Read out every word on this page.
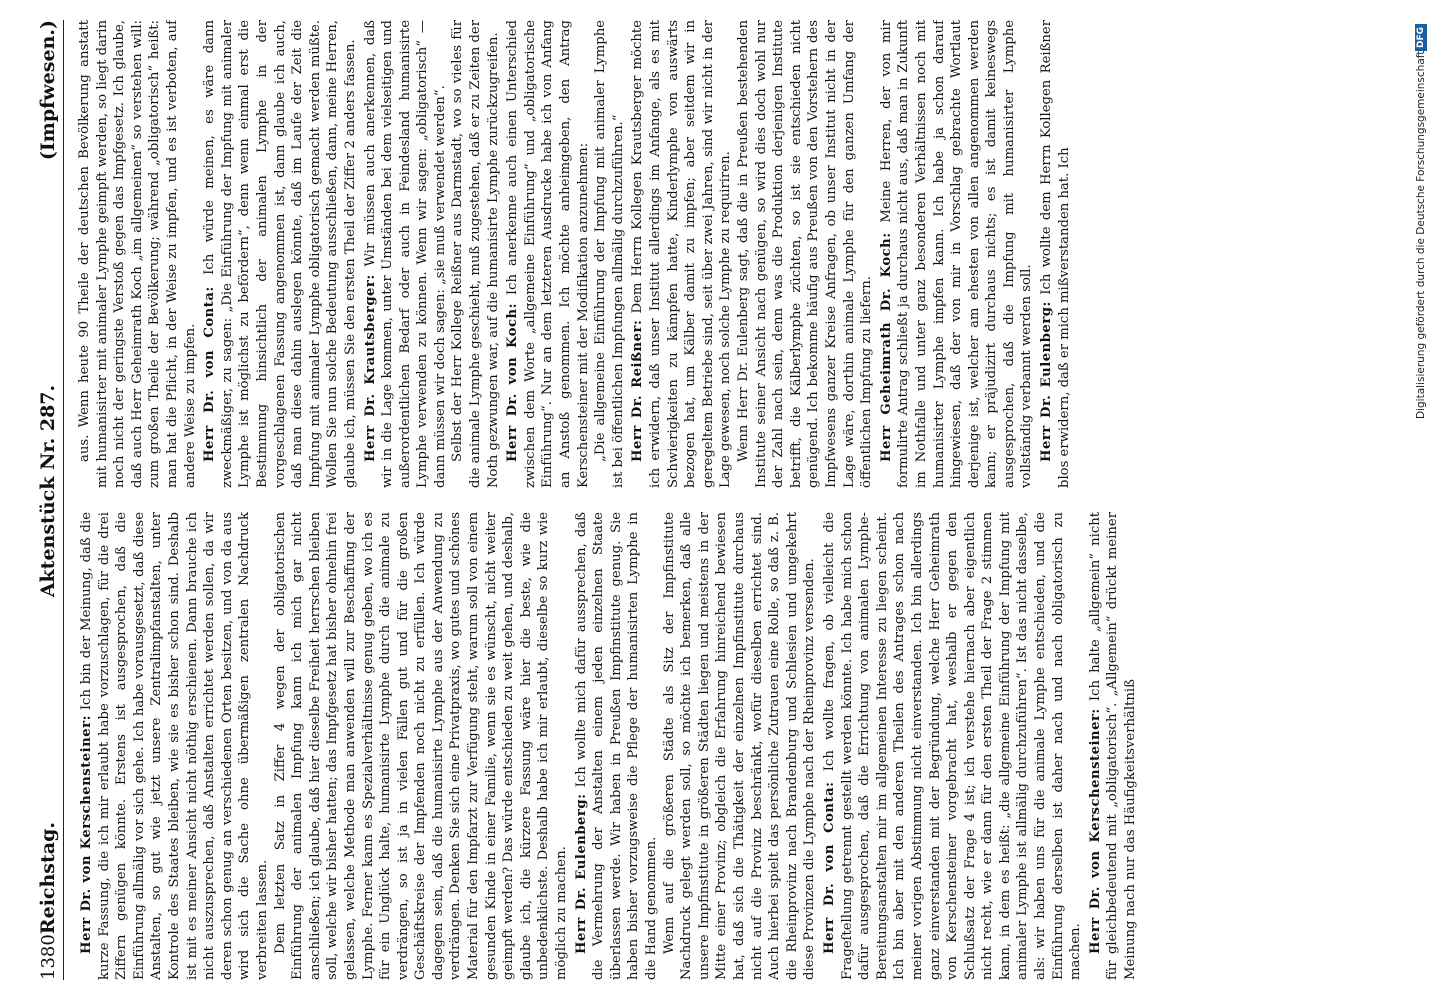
1380
Reichstag.
Aktenstück Nr. 287.
(Impfwesen.)

Herr Dr. von Kerschensteiner: Ich bin der Meinung, daß die kurze Fassung, die ich mir erlaubt habe vorzuschlagen, für die drei Ziffern genügen könnte. Erstens ist ausgesprochen, daß die Einführung allmälig vor sich gehe. Ich habe vorausgesetzt, daß diese Anstalten, so gut wie jetzt unsere Zentralimpfanstalten, unter Kontrole des Staates bleiben, wie sie es bisher schon sind. Deshalb ist mit es meiner Ansicht nicht nöthig erschienen. Dann brauche ich nicht auszusprechen, daß Anstalten errichtet werden sollen, da wir deren schon genug an verschiedenen Orten besitzen, und von da aus wird sich die Sache ohne übermäßigen zentralen Nachdruck verbreiten lassen. Dem letzten Satz in Ziffer 4 wegen der obligatorischen Einführung der animalen Impfung kann ich mich gar nicht anschließen; ich glaube, daß hier dieselbe Freiheit herrschen bleiben soll, welche wir bisher hatten; das Impfgesetz hat bisher ohnehin frei gelassen, welche Methode man anwenden will zur Beschaffung der Lymphe. Ferner kann es Spezialverhältnisse genug geben, wo ich es für ein Unglück halte, humanisirte Lymphe durch die animale zu verdrängen, so ist ja in vielen Fällen gut und für die großen Geschäftskreise der Impfenden noch nicht zu erfüllen. Ich würde dagegen sein, daß die humanisirte Lymphe aus der Anwendung zu verdrängen. Denken Sie sich eine Privatpraxis, wo gutes und schönes Material für den Impfarzt zur Verfügung steht, warum soll von einem gesunden Kinde in einer Familie, wenn sie es wünscht, nicht weiter geimpft werden? Das würde entschieden zu weit gehen, und deshalb, glaube ich, die kürzere Fassung wäre hier die beste, wie die unbedenklichste. Deshalb habe ich mir erlaubt, dieselbe so kurz wie möglich zu machen. Herr Dr. Eulenberg: Ich wollte mich dafür aussprechen, daß die Vermehrung der Anstalten einem jeden einzelnen Staate überlassen werde. Wir haben in Preußen Impfinstitute genug. Sie haben bisher vorzugsweise die Pflege der humanisirten Lymphe in die Hand genommen. Wenn auf die größeren Städte als Sitz der Impfinstitute Nachdruck gelegt werden soll, so möchte ich bemerken, daß alle unsere Impfinstitute in größeren Städten liegen und meistens in der Mitte einer Provinz; obgleich die Erfahrung hinreichend bewiesen hat, daß sich die Thätigkeit der einzelnen Impfinstitute durchaus nicht auf die Provinz beschränkt, wofür dieselben errichtet sind. Auch hierbei spielt das persönliche Zutrauen eine Rolle, so daß z. B. die Rheinprovinz nach Brandenburg und Schlesien und umgekehrt diese Provinzen die Lymphe nach der Rheinprovinz versenden. Herr Dr. von Conta: Ich wollte fragen, ob vielleicht die Frageſtellung getrennt gestellt werden könnte. Ich habe mich schon dafür ausgesprochen, daß die Errichtung von animalen Lymphe-Bereitungsanstalten mir im allgemeinen Interesse zu liegen scheint. Ich bin aber mit den anderen Theilen des Antrages schon nach meiner vorigen Abstimmung nicht einverstanden. Ich bin allerdings ganz einverstanden mit der Begründung, welche Herr Geheimrath von Kerschensteiner vorgebracht hat, weshalb er gegen den Schlußsatz der Frage 4 ist; ich verstehe hiernach aber eigentlich nicht recht, wie er dann für den ersten Theil der Frage 2 stimmen kann, in dem es heißt: „die allgemeine Einführung der Impfung mit animaler Lymphe ist allmälig durchzuführen“. Ist das nicht dasselbe, als: wir haben uns für die animale Lymphe entschieden, und die Einführung derselben ist daher nach und nach obligatorisch zu machen. Herr Dr. von Kerschensteiner: Ich halte „allgemein“ nicht für gleichbedeutend mit „obligatorisch“. „Allgemein“ drückt meiner Meinung nach nur das Häufigkeitsverhältniß

aus. Wenn heute 90 Theile der deutschen Bevölkerung anstatt mit humanisirter mit animaler Lymphe geimpft werden, so liegt darin noch nicht der geringste Verstoß gegen das Impfgesetz. Ich glaube, daß auch Herr Geheimrath Koch „im allgemeinen“ so verstehen will: zum großen Theile der Bevölkerung; während „obligatorisch“ heißt: man hat die Pflicht, in der Weise zu impfen, und es ist verboten, auf andere Weise zu impfen. Herr Dr. von Conta: Ich würde meinen, es wäre dann zweckmäßiger, zu sagen: „Die Einführung der Impfung mit animaler Lymphe ist möglichst zu befördern“, denn wenn einmal erst die Bestimmung hinsichtlich der animalen Lymphe in der vorgeschlagenen Fassung angenommen ist, dann glaube ich auch, daß man diese dahin auslegen könnte, daß im Laufe der Zeit die Impfung mit animaler Lymphe obligatorisch gemacht werden müßte. Wollen Sie nun solche Bedeutung ausschließen, dann, meine Herren, glaube ich, müssen Sie den ersten Theil der Ziffer 2 anders fassen. Herr Dr. Krautsberger: Wir müssen auch anerkennen, daß wir in die Lage kommen, unter Umständen bei dem vielseitigen und außerordentlichen Bedarf oder auch in Feindesland humanisirte Lymphe verwenden zu können. Wenn wir sagen: „obligatorisch“ — dann müssen wir doch sagen: „sie muß verwendet werden“. Selbst der Herr Kollege Reißner aus Darmstadt, wo so vieles für die animale Lymphe geschieht, muß zugestehen, daß er zu Zeiten der Noth gezwungen war, auf die humanisirte Lymphe zurückzugreifen. Herr Dr. von Koch: Ich anerkenne auch einen Unterschied zwischen dem Worte „allgemeine Einführung“ und „obligatorische Einführung“. Nur an dem letzteren Ausdrucke habe ich von Anfang an Anstoß genommen. Ich möchte anheimgeben, den Antrag Kerschensteiner mit der Modifikation anzunehmen: „Die allgemeine Einführung der Impfung mit animaler Lymphe ist bei öffentlichen Impfungen allmälig durchzuführen.“ Herr Dr. Reißner: Dem Herrn Kollegen Krautsberger möchte ich erwidern, daß unser Institut allerdings im Anfange, als es mit Schwierigkeiten zu kämpfen hatte, Kinderlymphe von auswärts bezogen hat, um Kälber damit zu impfen; aber seitdem wir in geregeltem Betriebe sind, seit über zwei Jahren, sind wir nicht in der Lage gewesen, noch solche Lymphe zu requiriren. Wenn Herr Dr. Eulenberg sagt, daß die in Preußen bestehenden Institute seiner Ansicht nach genügen, so wird dies doch wohl nur der Zahl nach sein, denn was die Produktion derjenigen Institute betrifft, die Kälberlymphe züchten, so ist sie entschieden nicht genügend. Ich bekomme häufig aus Preußen von den Vorstehern des Impfwesens ganzer Kreise Anfragen, ob unser Institut nicht in der Lage wäre, dorthin animale Lymphe für den ganzen Umfang der öffentlichen Impfung zu liefern. Herr Geheimrath Dr. Koch: Meine Herren, der von mir formulirte Antrag schließt ja durchaus nicht aus, daß man in Zukunft im Nothfalle und unter ganz besonderen Verhältnissen noch mit humanisirter Lymphe impfen kann. Ich habe ja schon darauf hingewiesen, daß der von mir in Vorschlag gebrachte Wortlaut derjenige ist, welcher am ehesten von allen angenommen werden kann; er präjudizirt durchaus nichts; es ist damit keineswegs ausgesprochen, daß die Impfung mit humanisirter Lymphe vollständig verbannt werden soll. Herr Dr. Eulenberg: Ich wollte dem Herrn Kollegen Reißner blos erwidern, daß er mich mißverstanden hat. Ich	Digitalisierung gefördert durch die Deutsche Forschungsgemeinschaft
DFG
